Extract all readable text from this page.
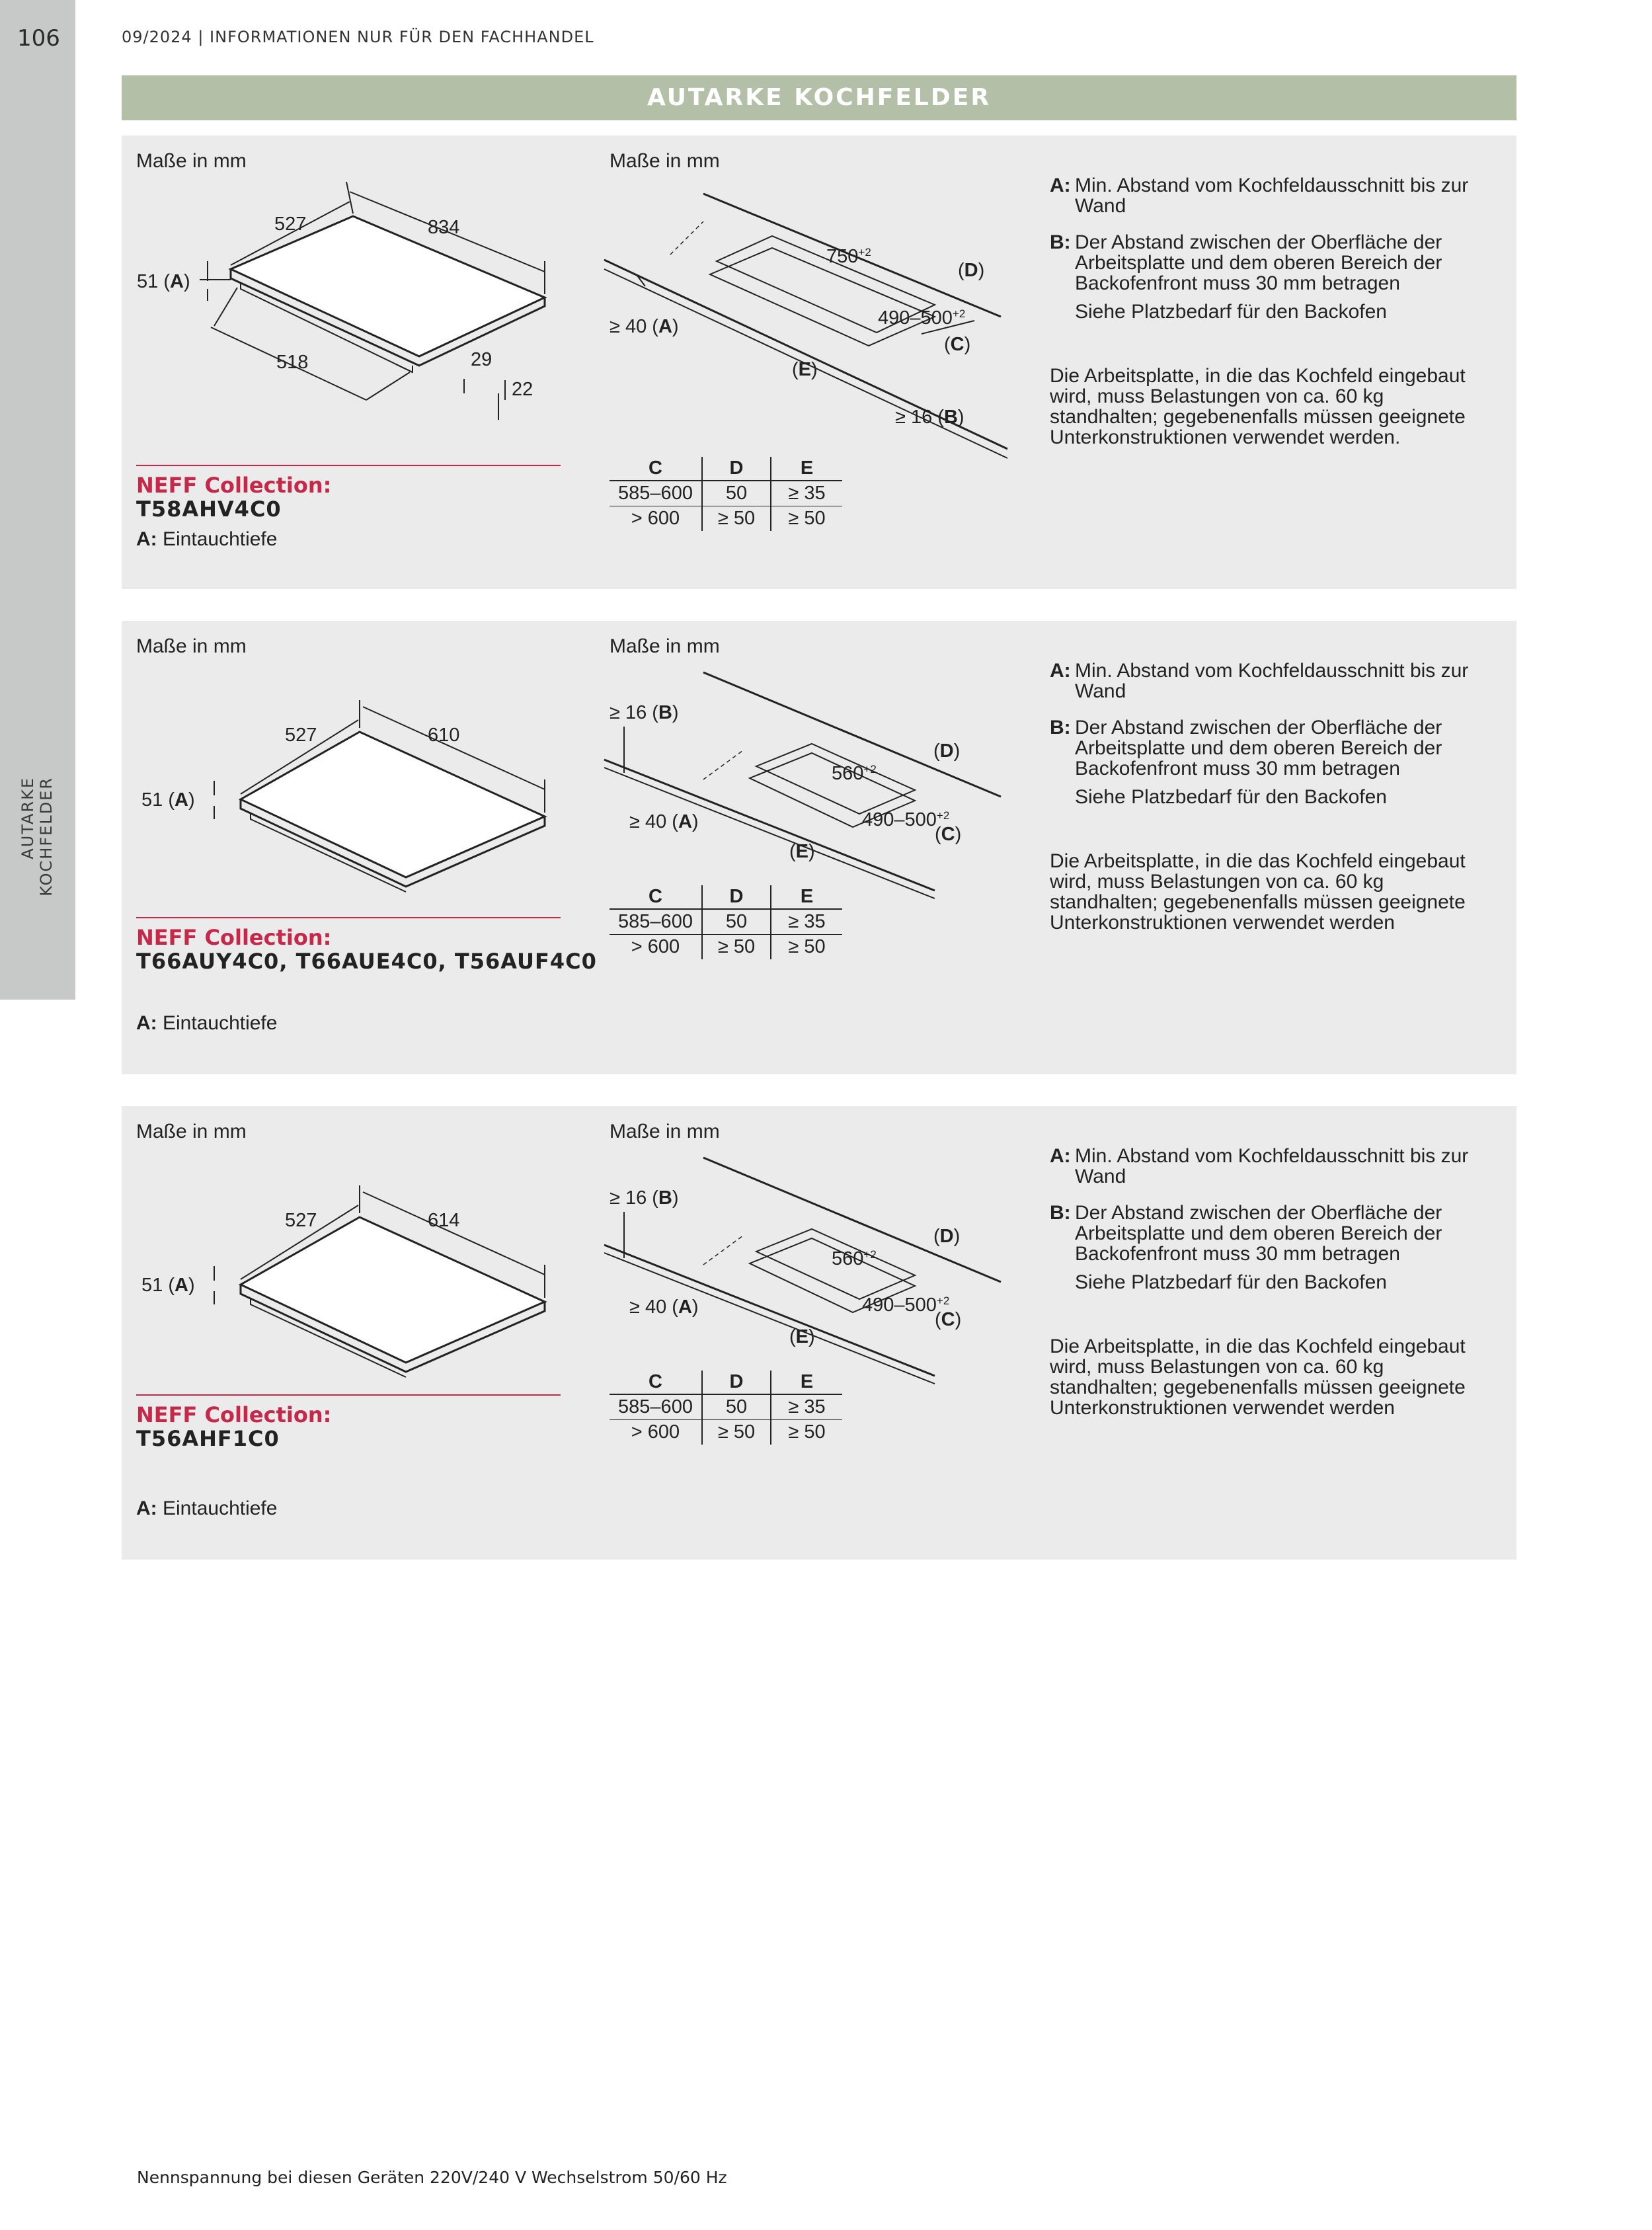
106
AUTARKE KOCHFELDER
09/2024 | INFORMATIONEN NUR FÜR DEN FACHHANDEL
AUTARKE KOCHFELDER
Maße in mm	Maße in mm
527	834
51 (A)
518	29
22
$750^{+2}$
$490-500^{+2}$
≥ 40 (A)
(D)
(C)
(E)
≥ 16 (B)
NEFF Collection:
T58AHV4C0
A: Eintauchtiefe
C	D	E
585–600	50	≥ 35
> 600	≥ 50	≥ 50
A: Min. Abstand vom Kochfeldausschnitt bis zur Wand
B: Der Abstand zwischen der Oberfläche der Arbeitsplatte und dem oberen Bereich der Backofenfront muss 30 mm betragen
Siehe Platzbedarf für den Backofen
Die Arbeitsplatte, in die das Kochfeld eingebaut wird, muss Belastungen von ca. 60 kg standhalten; gegebenenfalls müssen geeignete Unterkonstruktionen verwendet werden.
Maße in mm	Maße in mm
527	610
51 (A)
$560^{+2}$
$490-500^{+2}$
≥ 16 (B)
≥ 40 (A)
(D)
(C)
(E)
NEFF Collection:
T66AUY4C0, T66AUE4C0, T56AUF4C0
A: Eintauchtiefe
C	D	E
585–600	50	≥ 35
> 600	≥ 50	≥ 50
A: Min. Abstand vom Kochfeldausschnitt bis zur Wand
B: Der Abstand zwischen der Oberfläche der Arbeitsplatte und dem oberen Bereich der Backofenfront muss 30 mm betragen
Siehe Platzbedarf für den Backofen
Die Arbeitsplatte, in die das Kochfeld eingebaut wird, muss Belastungen von ca. 60 kg standhalten; gegebenenfalls müssen geeignete Unterkonstruktionen verwendet werden
Maße in mm	Maße in mm
527	614
51 (A)
$560^{+2}$
$490-500^{+2}$
≥ 16 (B)
≥ 40 (A)
(D)
(C)
(E)
NEFF Collection:
T56AHF1C0
A: Eintauchtiefe
C	D	E
585–600	50	≥ 35
> 600	≥ 50	≥ 50
A: Min. Abstand vom Kochfeldausschnitt bis zur Wand
B: Der Abstand zwischen der Oberfläche der Arbeitsplatte und dem oberen Bereich der Backofenfront muss 30 mm betragen
Siehe Platzbedarf für den Backofen
Die Arbeitsplatte, in die das Kochfeld eingebaut wird, muss Belastungen von ca. 60 kg standhalten; gegebenenfalls müssen geeignete Unterkonstruktionen verwendet werden
Nennspannung bei diesen Geräten 220V/240 V Wechselstrom 50/60 Hz
